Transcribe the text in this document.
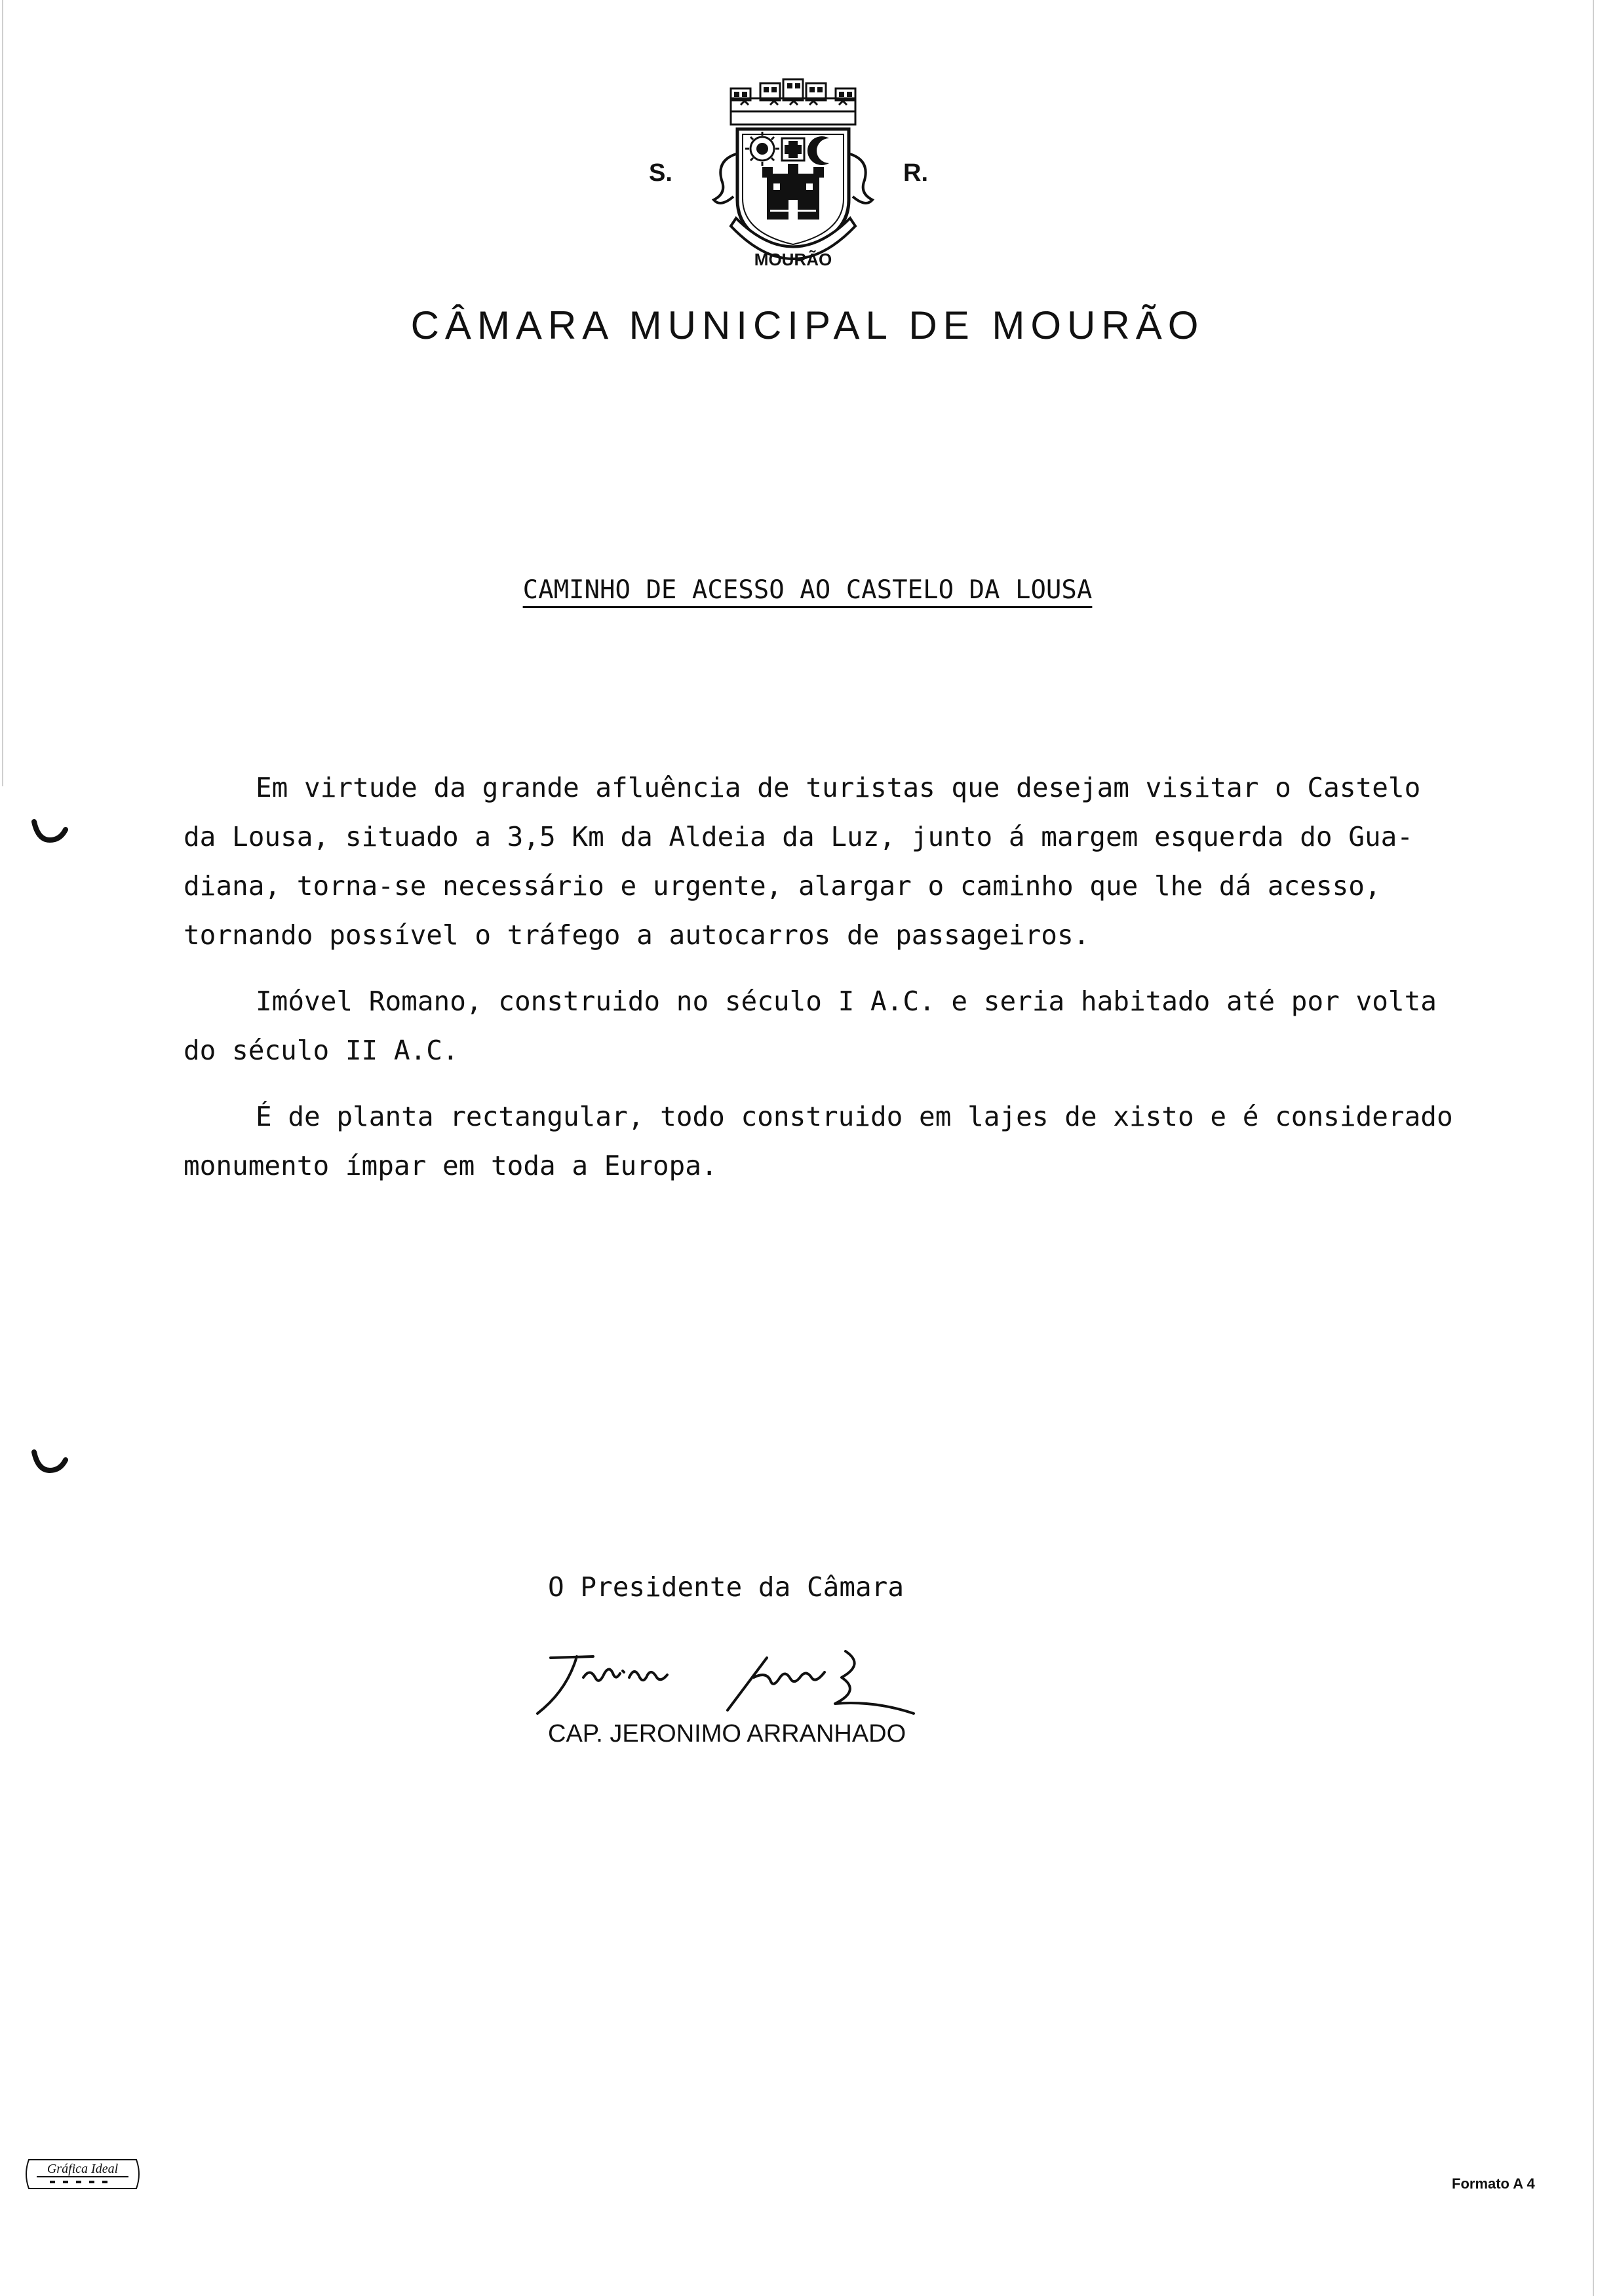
S.	R.
MOURÃO
CÂMARA MUNICIPAL DE MOURÃO
CAMINHO DE ACESSO AO CASTELO DA LOUSA

Em virtude da grande afluência de turistas que desejam visitar o Castelo
da Lousa, situado a 3,5 Km da Aldeia da Luz, junto á margem esquerda do Gua-
diana, torna-se necessário e urgente, alargar o caminho que lhe dá acesso,
tornando possível o tráfego a autocarros de passageiros.

Imóvel Romano, construido no século I A.C. e seria habitado até por volta
do século II A.C.

É de planta rectangular, todo construido em lajes de xisto e é considerado
monumento ímpar em toda a Europa.

O Presidente da Câmara
CAP. JERONIMO ARRANHADO
Gráfica Ideal
Formato A 4
